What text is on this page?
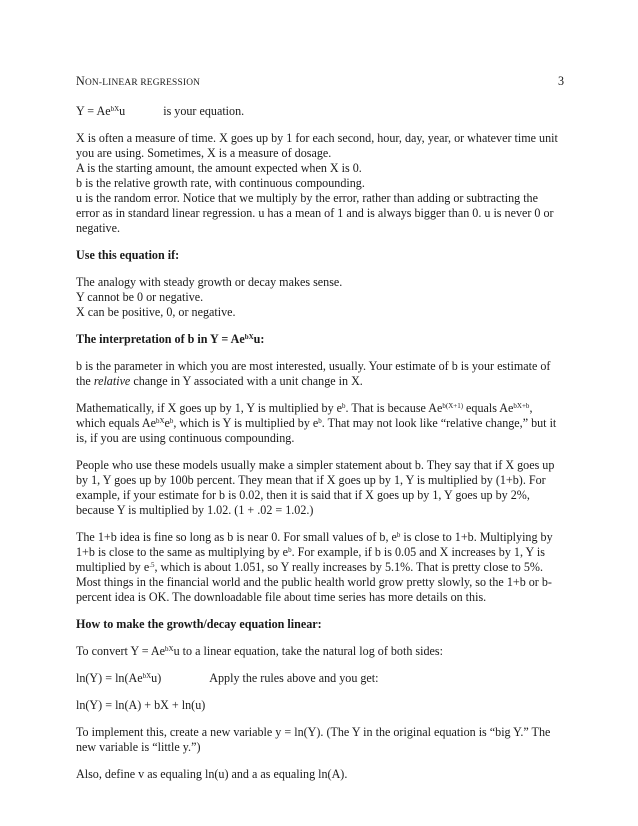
NON-LINEAR REGRESSION	3

$Y = Ae^{bX}u$	is your equation.

X is often a measure of time. X goes up by 1 for each second, hour, day, year, or whatever time unit you are using. Sometimes, X is a measure of dosage.
A is the starting amount, the amount expected when X is 0.
b is the relative growth rate, with continuous compounding.
u is the random error. Notice that we multiply by the error, rather than adding or subtracting the error as in standard linear regression. u has a mean of 1 and is always bigger than 0. u is never 0 or negative.

Use this equation if:

The analogy with steady growth or decay makes sense.
Y cannot be 0 or negative.
X can be positive, 0, or negative.

The interpretation of b in $Y = Ae^{bX}u$:

b is the parameter in which you are most interested, usually. Your estimate of b is your estimate of the relative change in Y associated with a unit change in X.

Mathematically, if X goes up by 1, Y is multiplied by $e^b$. That is because $Ae^{b(X+1)}$ equals $Ae^{bX+b}$, which equals $Ae^{bX}e^b$, which is Y is multiplied by $e^b$. That may not look like “relative change,” but it is, if you are using continuous compounding.

People who use these models usually make a simpler statement about b. They say that if X goes up by 1, Y goes up by 100b percent. They mean that if X goes up by 1, Y is multiplied by (1+b). For example, if your estimate for b is 0.02, then it is said that if X goes up by 1, Y goes up by 2%, because Y is multiplied by 1.02. (1 + .02 = 1.02.)

The 1+b idea is fine so long as b is near 0. For small values of b, $e^b$ is close to 1+b. Multiplying by 1+b is close to the same as multiplying by $e^b$. For example, if b is 0.05 and X increases by 1, Y is multiplied by $e^{.5}$, which is about 1.051, so Y really increases by 5.1%. That is pretty close to 5%. Most things in the financial world and the public health world grow pretty slowly, so the 1+b or b-percent idea is OK. The downloadable file about time series has more details on this.

How to make the growth/decay equation linear:

To convert $Y = Ae^{bX}u$ to a linear equation, take the natural log of both sides:

$\ln(Y) = \ln(Ae^{bX}u)$	Apply the rules above and you get:

ln(Y) = ln(A) + bX + ln(u)

To implement this, create a new variable y = ln(Y). (The Y in the original equation is “big Y.” The new variable is “little y.”)

Also, define v as equaling ln(u) and a as equaling ln(A).
